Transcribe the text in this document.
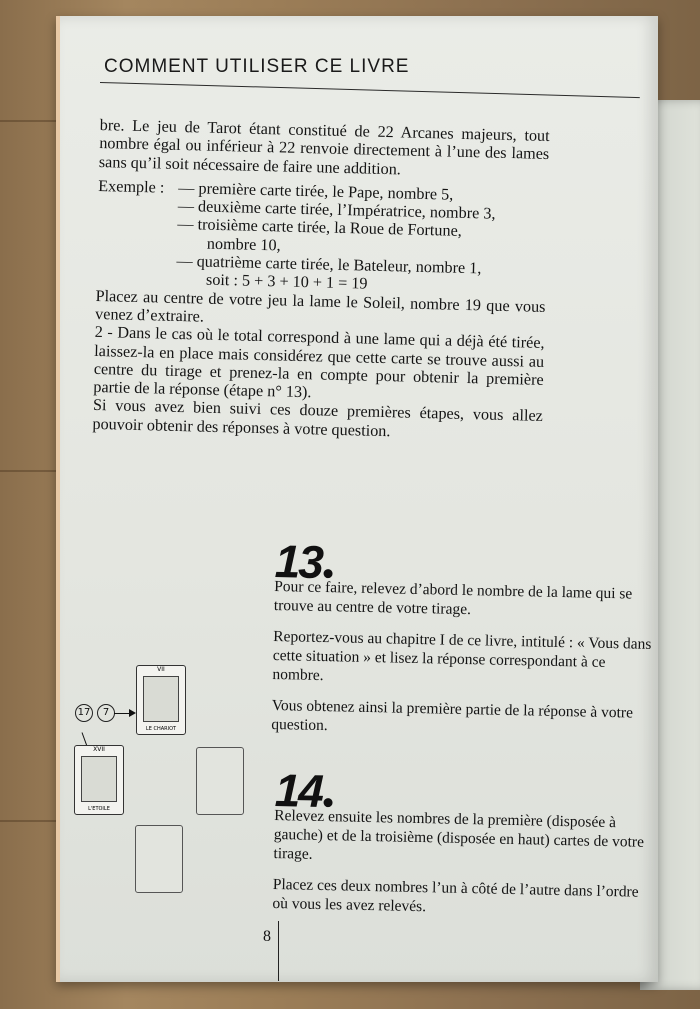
COMMENT UTILISER CE LIVRE

bre. Le jeu de Tarot étant constitué de 22 Arcanes majeurs, tout nombre égal ou inférieur à 22 renvoie directement à l’une des lames sans qu’il soit nécessaire de faire une addition.

Exemple : — première carte tirée, le Pape, nombre 5,
— deuxième carte tirée, l’Impératrice, nombre 3,
— troisième carte tirée, la Roue de Fortune,
nombre 10,
— quatrième carte tirée, le Bateleur, nombre 1,
soit : 5 + 3 + 10 + 1 = 19

Placez au centre de votre jeu la lame le Soleil, nombre 19 que vous venez d’extraire.

2 - Dans le cas où le total correspond à une lame qui a déjà été tirée, laissez-la en place mais considérez que cette carte se trouve aussi au centre du tirage et prenez-la en compte pour obtenir la première partie de la réponse (étape n° 13).

Si vous avez bien suivi ces douze premières étapes, vous allez pouvoir obtenir des réponses à votre question.

13

Pour ce faire, relevez d’abord le nombre de la lame qui se trouve au centre de votre tirage.

Reportez-vous au chapitre I de ce livre, intitulé : « Vous dans cette situation » et lisez la réponse correspondant à ce nombre.

Vous obtenez ainsi la première partie de la réponse à votre question.

14

Relevez ensuite les nombres de la première (disposée à gauche) et de la troisième (disposée en haut) cartes de votre tirage.

Placez ces deux nombres l’un à côté de l’autre dans l’ordre où vous les avez relevés.

17	7
VII
LE CHARIOT
XVII
L'ETOILE
8
